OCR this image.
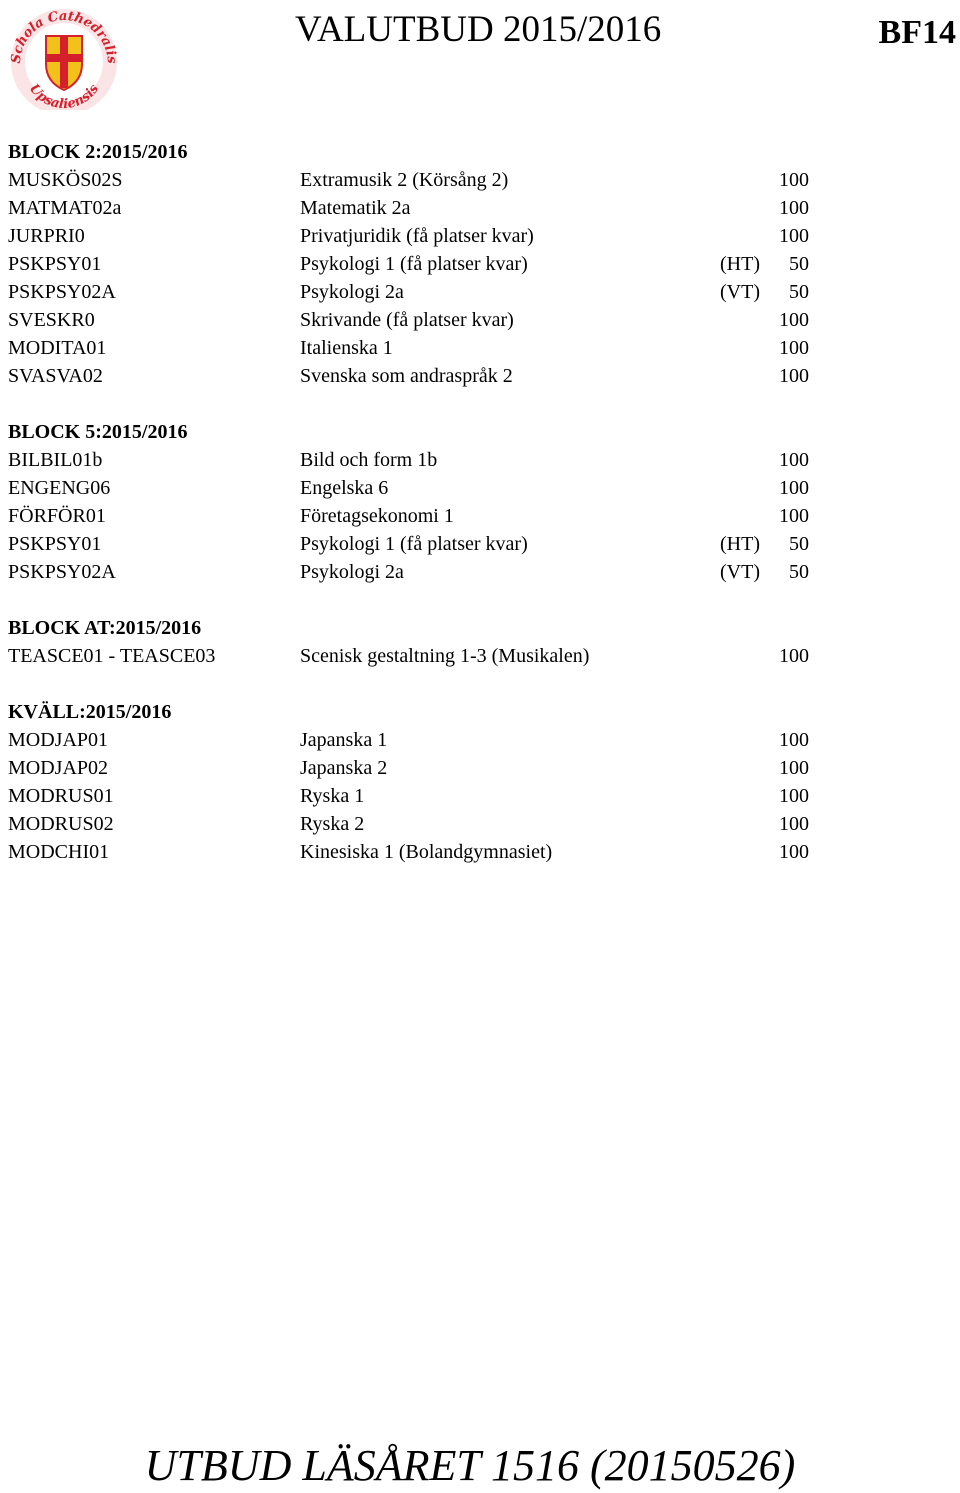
Schola Cathedralis
Upsaliensis
VALUTBUD 2015/2016	BF14
BLOCK 2:2015/2016
MUSKÖS02S	Extramusik 2 (Körsång 2)	100
MATMAT02a	Matematik 2a	100
JURPRI0	Privatjuridik (få platser kvar)	100
PSKPSY01	Psykologi 1 (få platser kvar)	(HT) 50
PSKPSY02A	Psykologi 2a	(VT) 50
SVESKR0	Skrivande (få platser kvar)	100
MODITA01	Italienska 1	100
SVASVA02	Svenska som andraspråk 2	100
BLOCK 5:2015/2016
BILBIL01b	Bild och form 1b	100
ENGENG06	Engelska 6	100
FÖRFÖR01	Företagsekonomi 1	100
PSKPSY01	Psykologi 1 (få platser kvar)	(HT) 50
PSKPSY02A	Psykologi 2a	(VT) 50
BLOCK AT:2015/2016
TEASCE01 - TEASCE03	Scenisk gestaltning 1-3 (Musikalen)	100
KVÄLL:2015/2016
MODJAP01	Japanska 1	100
MODJAP02	Japanska 2	100
MODRUS01	Ryska 1	100
MODRUS02	Ryska 2	100
MODCHI01	Kinesiska 1 (Bolandgymnasiet)	100
UTBUD LÄSÅRET 1516 (20150526)
